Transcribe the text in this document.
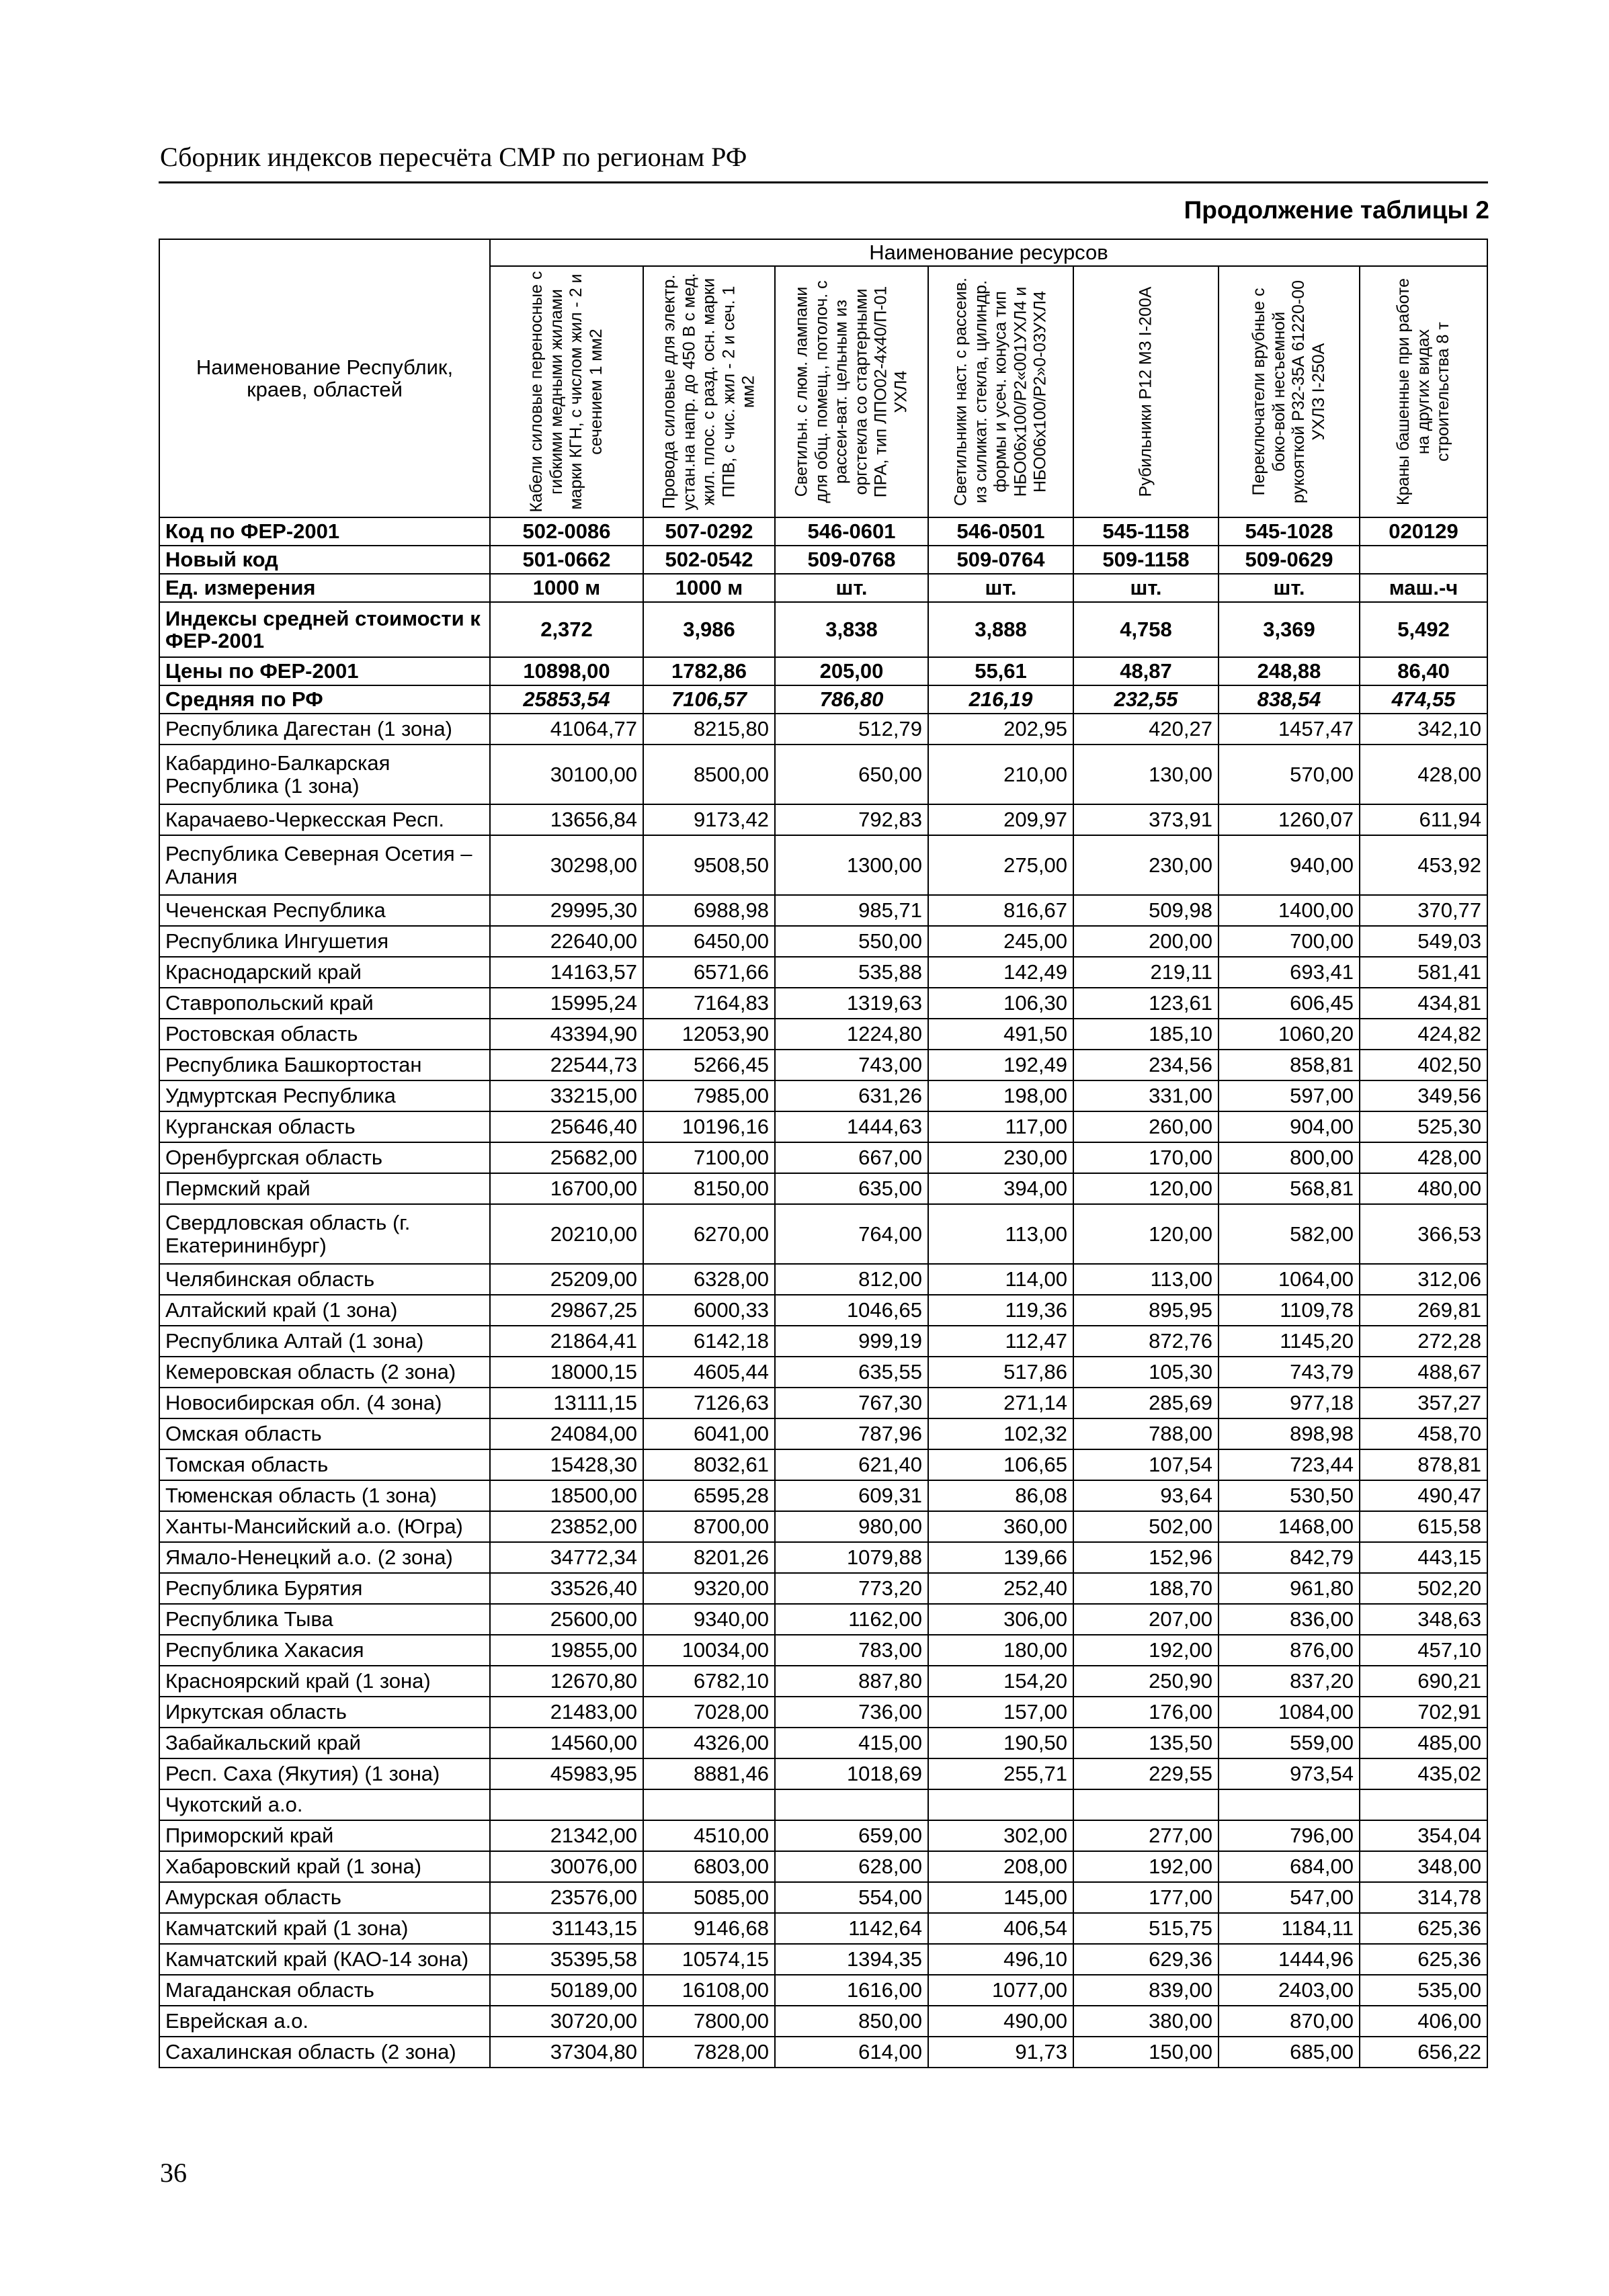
Сборник индексов пересчёта СМР по регионам РФ
Продолжение таблицы 2
Наименование Республик, краев, областей	Наименование ресурсов						

	Кабели силовые переносные с гибкими медными жилами марки КГН, с числом жил - 2 и сечением 1 мм2	Провода силовые для электр. устан.на напр. до 450 В с мед. жил. плос. с разд. осн. марки ППВ, с чис. жил - 2 и сеч. 1 мм2	Светильн. с люм. лампами для общ. помещ., потолоч. с рассеи-ват. цельным из оргстекла со стартерными ПРА, тип ЛПО02-4х40/П-01 УХЛ4	Светильники наст. с рассеив. из силикат. стекла, цилиндр. формы и усеч. конуса тип НБО06х100/Р2«001УХЛ4 и НБО06х100/Р2»0-03УХЛ4	Рубильники Р12 МЗ I-200А	Переключатели врубные с боко-вой несъемной рукояткой Р32-35А 61220-00 УХЛЗ I-250А	Краны башенные при работе на других видах строительства 8 т

Код по ФЕР-2001	502-0086	507-0292	546-0601	546-0501	545-1158	545-1028	020129
Новый код	501-0662	502-0542	509-0768	509-0764	509-1158	509-0629	
Ед. измерения	1000 м	1000 м	шт.	шт.	шт.	шт.	маш.-ч
Индексы средней стоимости к ФЕР-2001	2,372	3,986	3,838	3,888	4,758	3,369	5,492
Цены по ФЕР-2001	10898,00	1782,86	205,00	55,61	48,87	248,88	86,40
Средняя по РФ	25853,54	7106,57	786,80	216,19	232,55	838,54	474,55
Республика Дагестан (1 зона)	41064,77	8215,80	512,79	202,95	420,27	1457,47	342,10
Кабардино-Балкарская Республика (1 зона)	30100,00	8500,00	650,00	210,00	130,00	570,00	428,00
Карачаево-Черкесская Респ.	13656,84	9173,42	792,83	209,97	373,91	1260,07	611,94
Республика Северная Осетия – Алания	30298,00	9508,50	1300,00	275,00	230,00	940,00	453,92
Чеченская Республика	29995,30	6988,98	985,71	816,67	509,98	1400,00	370,77
Республика Ингушетия	22640,00	6450,00	550,00	245,00	200,00	700,00	549,03
Краснодарский край	14163,57	6571,66	535,88	142,49	219,11	693,41	581,41
Ставропольский край	15995,24	7164,83	1319,63	106,30	123,61	606,45	434,81
Ростовская область	43394,90	12053,90	1224,80	491,50	185,10	1060,20	424,82
Республика Башкортостан	22544,73	5266,45	743,00	192,49	234,56	858,81	402,50
Удмуртская Республика	33215,00	7985,00	631,26	198,00	331,00	597,00	349,56
Курганская область	25646,40	10196,16	1444,63	117,00	260,00	904,00	525,30
Оренбургская область	25682,00	7100,00	667,00	230,00	170,00	800,00	428,00
Пермский край	16700,00	8150,00	635,00	394,00	120,00	568,81	480,00
Свердловская область (г. Екатерининбург)	20210,00	6270,00	764,00	113,00	120,00	582,00	366,53
Челябинская область	25209,00	6328,00	812,00	114,00	113,00	1064,00	312,06
Алтайский край (1 зона)	29867,25	6000,33	1046,65	119,36	895,95	1109,78	269,81
Республика Алтай (1 зона)	21864,41	6142,18	999,19	112,47	872,76	1145,20	272,28
Кемеровская область (2 зона)	18000,15	4605,44	635,55	517,86	105,30	743,79	488,67
Новосибирская обл. (4 зона)	13111,15	7126,63	767,30	271,14	285,69	977,18	357,27
Омская область	24084,00	6041,00	787,96	102,32	788,00	898,98	458,70
Томская область	15428,30	8032,61	621,40	106,65	107,54	723,44	878,81
Тюменская область (1 зона)	18500,00	6595,28	609,31	86,08	93,64	530,50	490,47
Ханты-Мансийский а.о. (Югра)	23852,00	8700,00	980,00	360,00	502,00	1468,00	615,58
Ямало-Ненецкий а.о. (2 зона)	34772,34	8201,26	1079,88	139,66	152,96	842,79	443,15
Республика Бурятия	33526,40	9320,00	773,20	252,40	188,70	961,80	502,20
Республика Тыва	25600,00	9340,00	1162,00	306,00	207,00	836,00	348,63
Республика Хакасия	19855,00	10034,00	783,00	180,00	192,00	876,00	457,10
Красноярский край (1 зона)	12670,80	6782,10	887,80	154,20	250,90	837,20	690,21
Иркутская область	21483,00	7028,00	736,00	157,00	176,00	1084,00	702,91
Забайкальский край	14560,00	4326,00	415,00	190,50	135,50	559,00	485,00
Респ. Саха (Якутия) (1 зона)	45983,95	8881,46	1018,69	255,71	229,55	973,54	435,02
Чукотский а.о.							
Приморский край	21342,00	4510,00	659,00	302,00	277,00	796,00	354,04
Хабаровский край (1 зона)	30076,00	6803,00	628,00	208,00	192,00	684,00	348,00
Амурская область	23576,00	5085,00	554,00	145,00	177,00	547,00	314,78
Камчатский край (1 зона)	31143,15	9146,68	1142,64	406,54	515,75	1184,11	625,36
Камчатский край (КАО-14 зона)	35395,58	10574,15	1394,35	496,10	629,36	1444,96	625,36
Магаданская область	50189,00	16108,00	1616,00	1077,00	839,00	2403,00	535,00
Еврейская а.о.	30720,00	7800,00	850,00	490,00	380,00	870,00	406,00
Сахалинская область (2 зона)	37304,80	7828,00	614,00	91,73	150,00	685,00	656,22
36
